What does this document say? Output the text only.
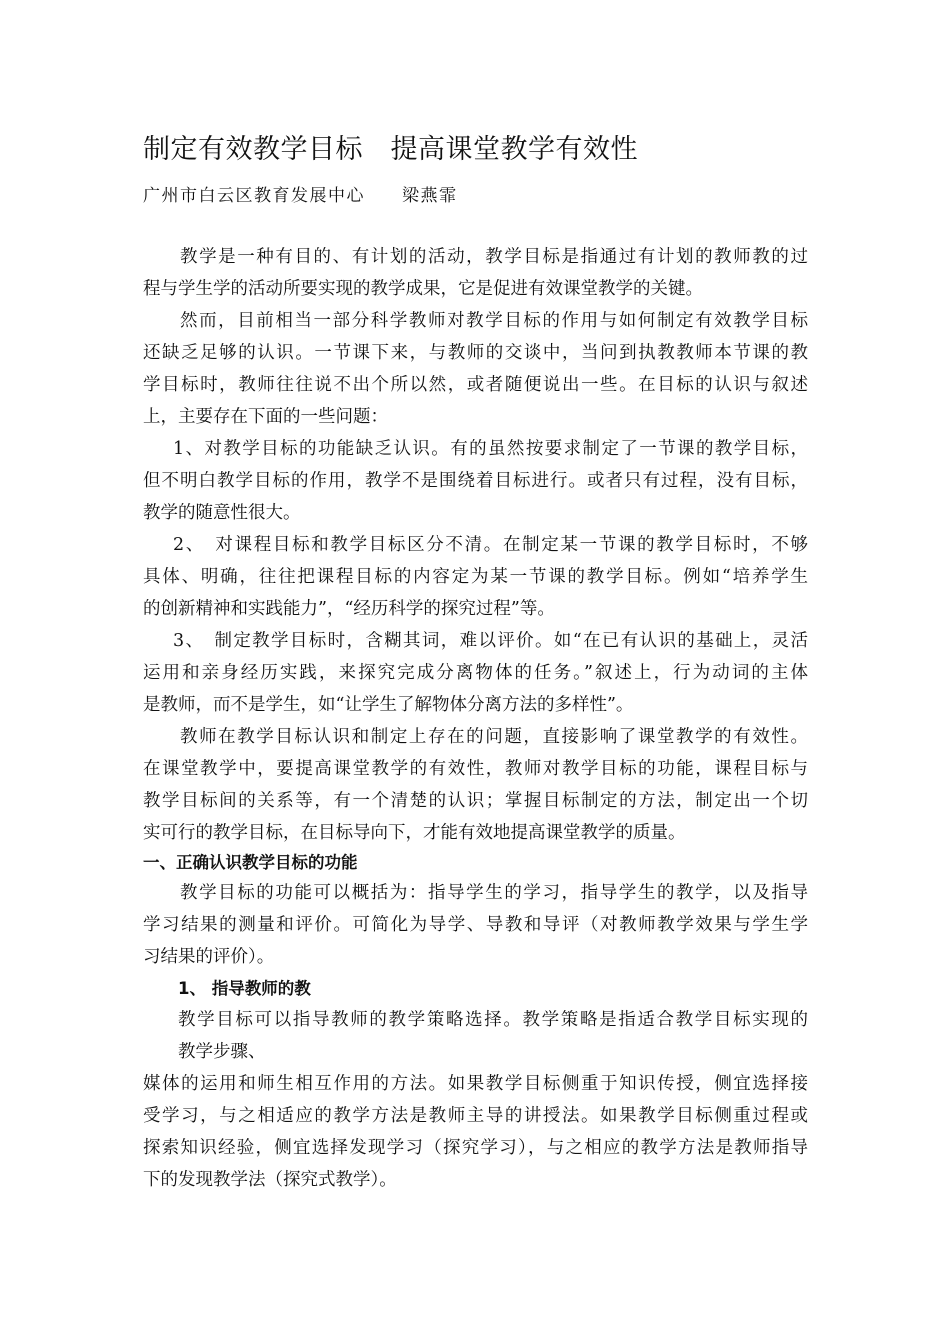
制定有效教学目标　提高课堂教学有效性
广州市白云区教育发展中心　　梁燕霏
教学是一种有目的、有计划的活动，教学目标是指通过有计划的教师教的过
程与学生学的活动所要实现的教学成果，它是促进有效课堂教学的关键。
然而，目前相当一部分科学教师对教学目标的作用与如何制定有效教学目标
还缺乏足够的认识。一节课下来，与教师的交谈中，当问到执教教师本节课的教
学目标时，教师往往说不出个所以然，或者随便说出一些。在目标的认识与叙述
上，主要存在下面的一些问题：
1、对教学目标的功能缺乏认识。有的虽然按要求制定了一节课的教学目标，
但不明白教学目标的作用，教学不是围绕着目标进行。或者只有过程，没有目标，
教学的随意性很大。
2、　对课程目标和教学目标区分不清。在制定某一节课的教学目标时，不够
具体、明确，往往把课程目标的内容定为某一节课的教学目标。例如“培养学生
的创新精神和实践能力”，“经历科学的探究过程”等。
3、　制定教学目标时，含糊其词，难以评价。如“在已有认识的基础上，灵活
运用和亲身经历实践，来探究完成分离物体的任务。”叙述上，行为动词的主体
是教师，而不是学生，如“让学生了解物体分离方法的多样性”。
教师在教学目标认识和制定上存在的问题，直接影响了课堂教学的有效性。
在课堂教学中，要提高课堂教学的有效性，教师对教学目标的功能，课程目标与
教学目标间的关系等，有一个清楚的认识；掌握目标制定的方法，制定出一个切
实可行的教学目标，在目标导向下，才能有效地提高课堂教学的质量。
一、正确认识教学目标的功能
教学目标的功能可以概括为：指导学生的学习，指导学生的教学，以及指导
学习结果的测量和评价。可简化为导学、导教和导评（对教师教学效果与学生学
习结果的评价）。
1、 指导教师的教
教学目标可以指导教师的教学策略选择。教学策略是指适合教学目标实现的
教学步骤、
媒体的运用和师生相互作用的方法。如果教学目标侧重于知识传授，侧宜选择接
受学习，与之相适应的教学方法是教师主导的讲授法。如果教学目标侧重过程或
探索知识经验，侧宜选择发现学习（探究学习），与之相应的教学方法是教师指导
下的发现教学法（探究式教学）。
